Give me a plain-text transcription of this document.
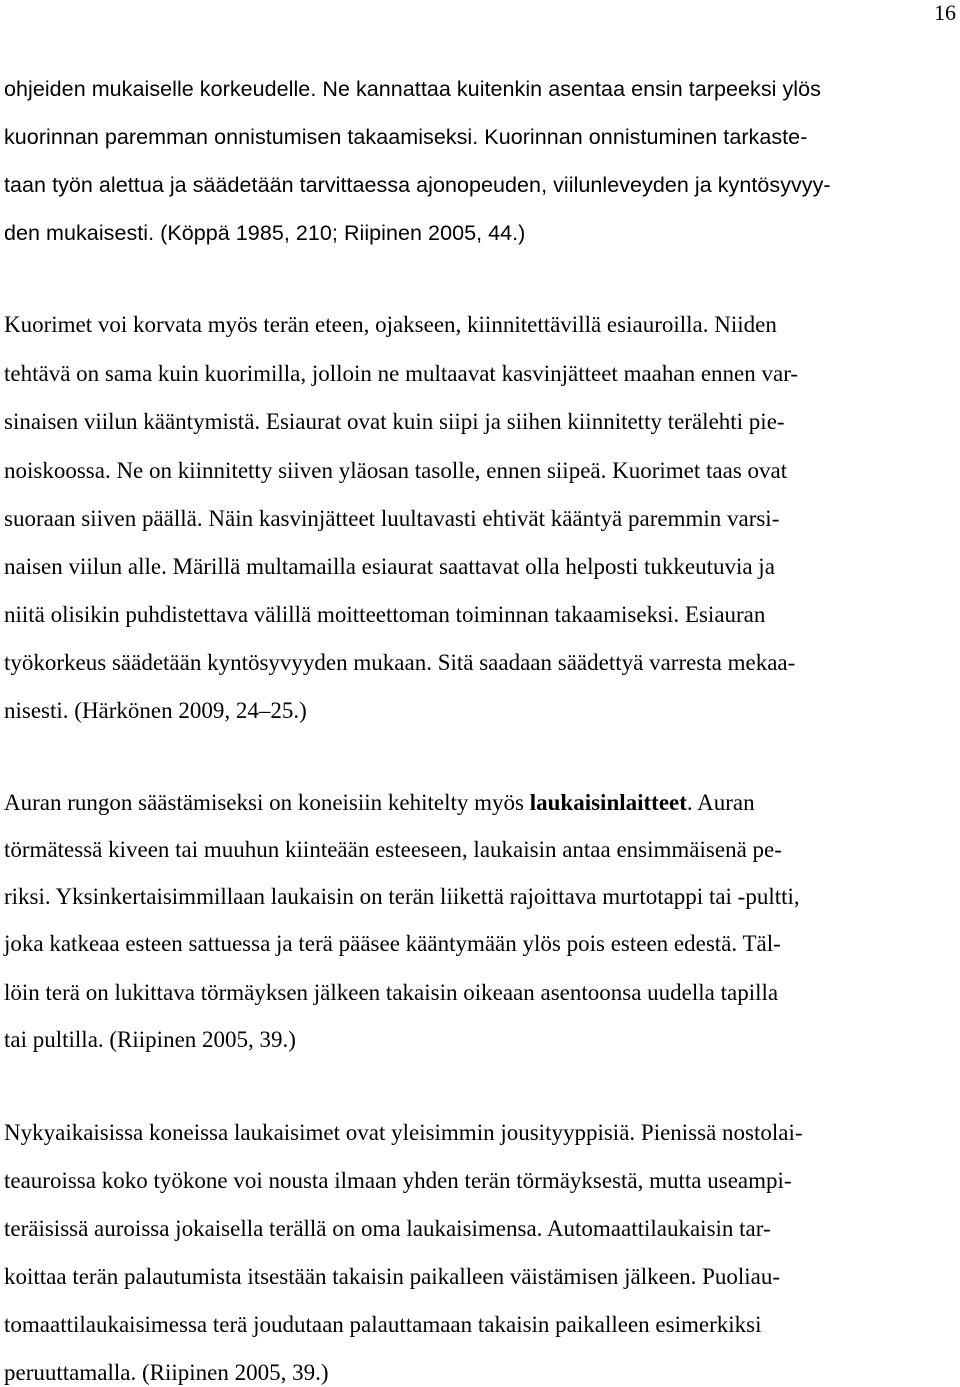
16
ohjeiden mukaiselle korkeudelle. Ne kannattaa kuitenkin asentaa ensin tarpeeksi ylös
kuorinnan paremman onnistumisen takaamiseksi. Kuorinnan onnistuminen tarkaste-
taan työn alettua ja säädetään tarvittaessa ajonopeuden, viilunleveyden ja kyntösyvyy-
den mukaisesti. (Köppä 1985, 210; Riipinen 2005, 44.)
Kuorimet voi korvata myös terän eteen, ojakseen, kiinnitettävillä esiauroilla. Niiden
tehtävä on sama kuin kuorimilla, jolloin ne multaavat kasvinjätteet maahan ennen var-
sinaisen viilun kääntymistä. Esiaurat ovat kuin siipi ja siihen kiinnitetty terälehti pie-
noiskoossa. Ne on kiinnitetty siiven yläosan tasolle, ennen siipeä. Kuorimet taas ovat
suoraan siiven päällä. Näin kasvinjätteet luultavasti ehtivät kääntyä paremmin varsi-
naisen viilun alle. Märillä multamailla esiaurat saattavat olla helposti tukkeutuvia ja
niitä olisikin puhdistettava välillä moitteettoman toiminnan takaamiseksi. Esiauran
työkorkeus säädetään kyntösyvyyden mukaan. Sitä saadaan säädettyä varresta mekaa-
nisesti. (Härkönen 2009, 24–25.)
Auran rungon säästämiseksi on koneisiin kehitelty myös laukaisinlaitteet. Auran
törmätessä kiveen tai muuhun kiinteään esteeseen, laukaisin antaa ensimmäisenä pe-
riksi. Yksinkertaisimmillaan laukaisin on terän liikettä rajoittava murtotappi tai -pultti,
joka katkeaa esteen sattuessa ja terä pääsee kääntymään ylös pois esteen edestä. Täl-
löin terä on lukittava törmäyksen jälkeen takaisin oikeaan asentoonsa uudella tapilla
tai pultilla. (Riipinen 2005, 39.)
Nykyaikaisissa koneissa laukaisimet ovat yleisimmin jousityyppisiä. Pienissä nostolai-
teauroissa koko työkone voi nousta ilmaan yhden terän törmäyksestä, mutta useampi-
teräisissä auroissa jokaisella terällä on oma laukaisimensa. Automaattilaukaisin tar-
koittaa terän palautumista itsestään takaisin paikalleen väistämisen jälkeen. Puoliau-
tomaattilaukaisimessa terä joudutaan palauttamaan takaisin paikalleen esimerkiksi
peruuttamalla. (Riipinen 2005, 39.)
